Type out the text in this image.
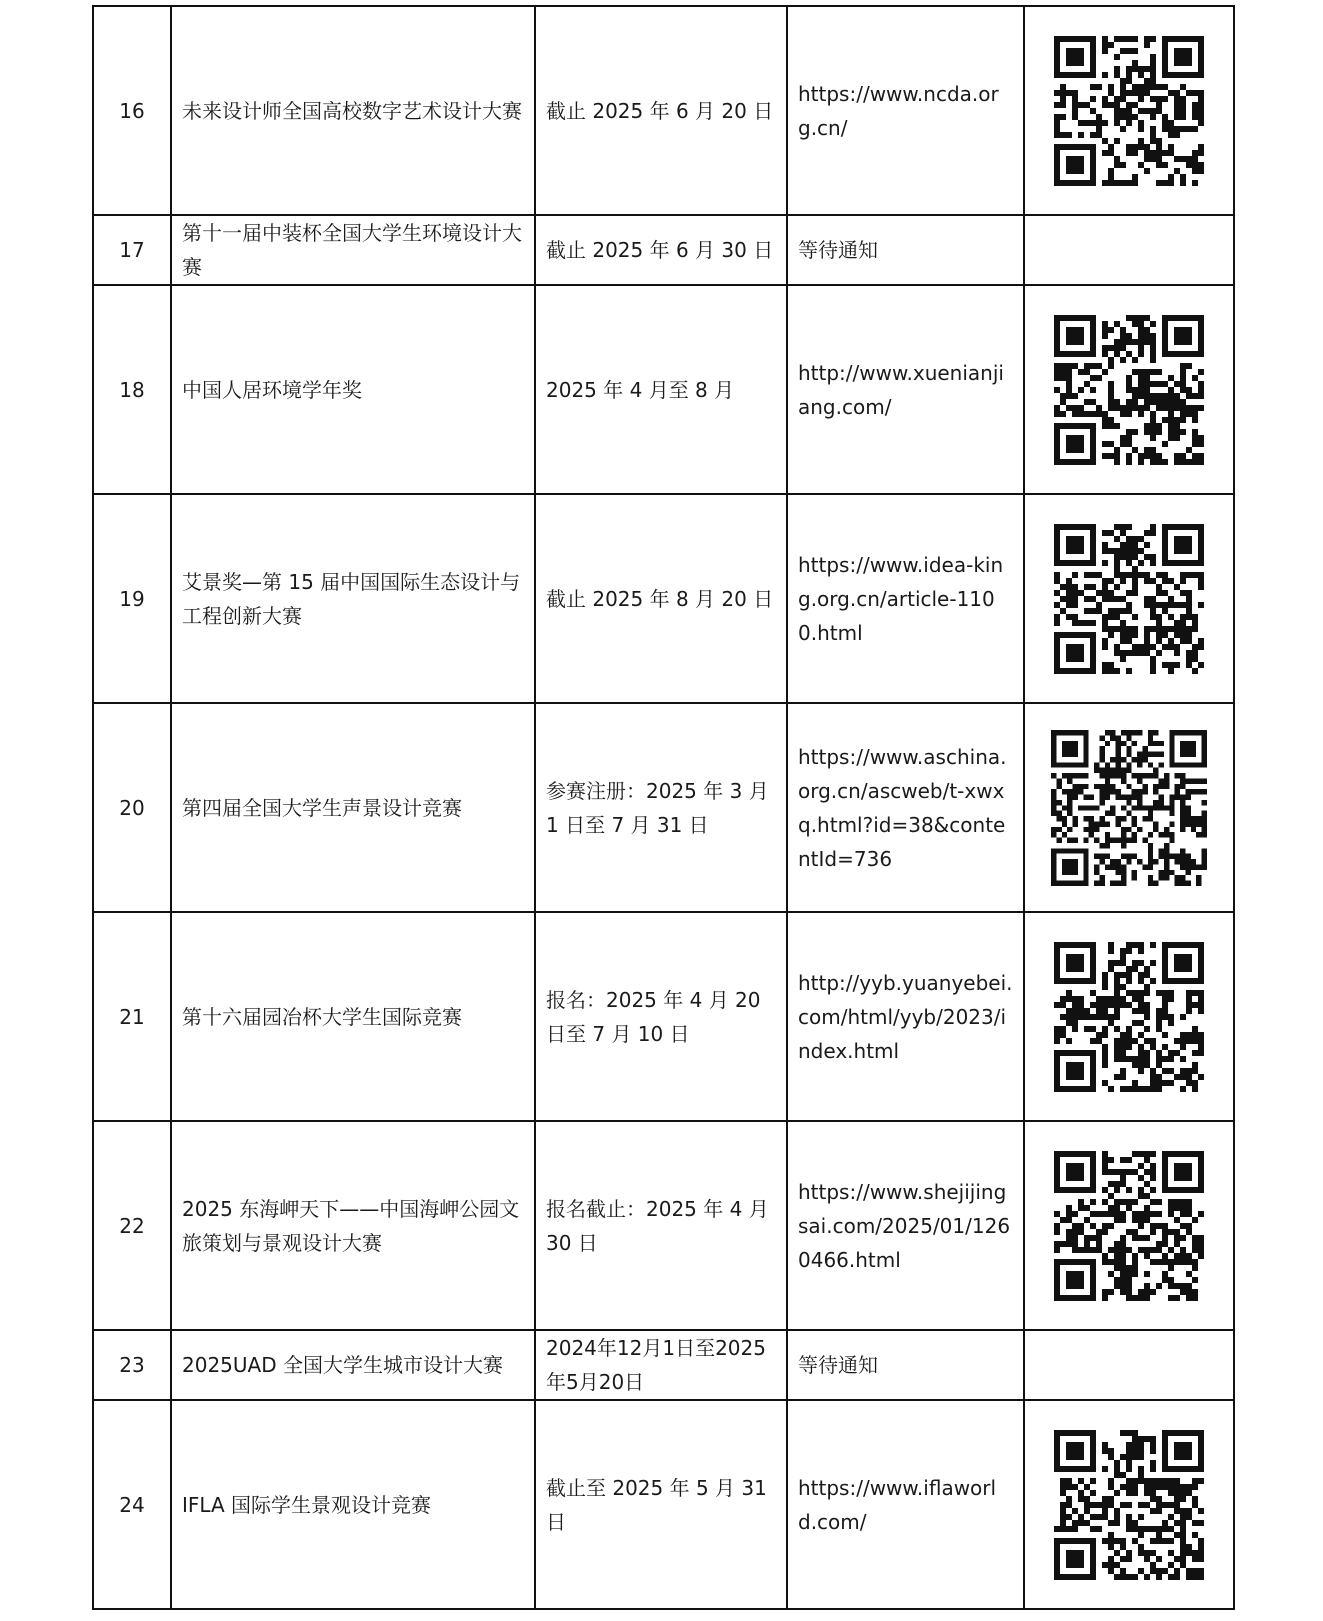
16	未来设计师全国高校数字艺术设计大赛	截止 2025 年 6 月 20 日	https://www.ncda.org.cn/	

17	第十一届中装杯全国大学生环境设计大赛	截止 2025 年 6 月 30 日	等待通知	
18	中国人居环境学年奖	2025 年 4 月至 8 月	http://www.xuenianjiang.com/	

19	艾景奖—第 15 届中国国际生态设计与工程创新大赛	截止 2025 年 8 月 20 日	https://www.idea-king.org.cn/article-1100.html	

20	第四届全国大学生声景设计竞赛	参赛注册：2025 年 3 月 1 日至 7 月 31 日	https://www.aschina.org.cn/ascweb/t-xwxq.html?id=38&contentId=736	

21	第十六届园冶杯大学生国际竞赛	报名：2025 年 4 月 20 日至 7 月 10 日	http://yyb.yuanyebei.com/html/yyb/2023/index.html	

22	2025 东海岬天下——中国海岬公园文旅策划与景观设计大赛	报名截止：2025 年 4 月 30 日	https://www.shejijingsai.com/2025/01/1260466.html	

23	2025UAD 全国大学生城市设计大赛	2024年12月1日至2025年5月20日	等待通知	
24	IFLA 国际学生景观设计竞赛	截止至 2025 年 5 月 31 日	https://www.iflaworld.com/	
